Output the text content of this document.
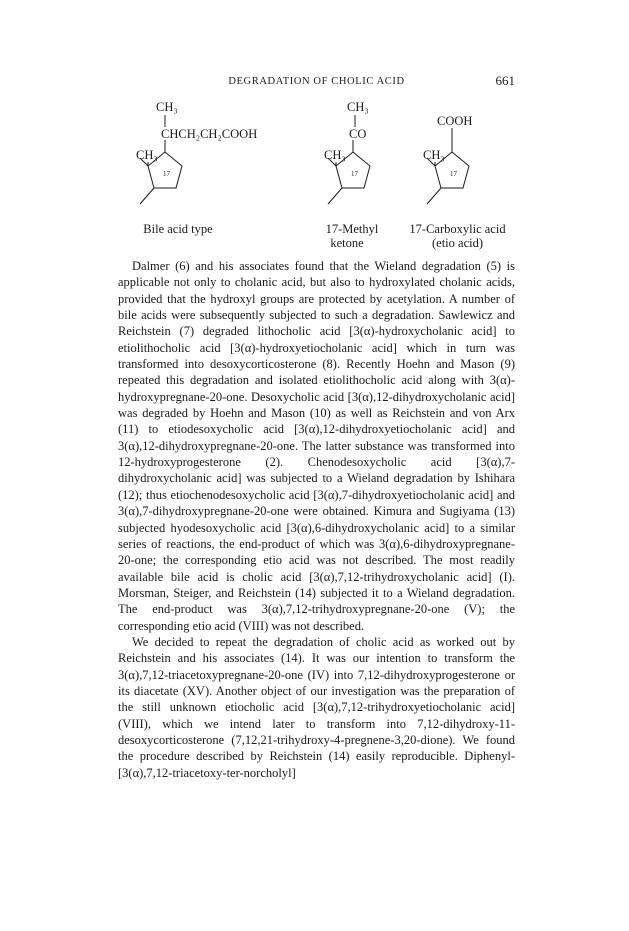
DEGRADATION OF CHOLIC ACID	661
CH₃
CHCH₂CH₂COOH
CH₃
17
CH₃
CO
CH₃
17
COOH
CH₃
17
Bile acid type	17-Methyl
ketone
17-Carboxylic acid
(etio acid)

Dalmer (6) and his associates found that the Wieland degradation (5) is applicable not only to cholanic acid, but also to hydroxylated cholanic acids, provided that the hydroxyl groups are protected by acetylation. A number of bile acids were subsequently subjected to such a degradation. Sawlewicz and Reichstein (7) degraded lithocholic acid [3(α)-hydroxycholanic acid] to etiolithocholic acid [3(α)-hydroxyetiocholanic acid] which in turn was transformed into desoxycorticosterone (8). Recently Hoehn and Mason (9) repeated this degradation and isolated etiolithocholic acid along with 3(α)-hydroxypregnane-20-one. Desoxycholic acid [3(α),12-dihydroxycholanic acid] was degraded by Hoehn and Mason (10) as well as Reichstein and von Arx (11) to etiodesoxycholic acid [3(α),12-dihydroxyetiocholanic acid] and 3(α),12-dihydroxypregnane-20-one. The latter substance was transformed into 12-hydroxyprogesterone (2). Chenodesoxycholic acid [3(α),7-dihydroxycholanic acid] was subjected to a Wieland degradation by Ishihara (12); thus etiochenodesoxycholic acid [3(α),7-dihydroxyetiocholanic acid] and 3(α),7-dihydroxypregnane-20-one were obtained. Kimura and Sugiyama (13) subjected hyodesoxycholic acid [3(α),6-dihydroxycholanic acid] to a similar series of reactions, the end-product of which was 3(α),6-dihydroxypregnane-20-one; the corresponding etio acid was not described. The most readily available bile acid is cholic acid [3(α),7,12-trihydroxycholanic acid] (I). Morsman, Steiger, and Reichstein (14) subjected it to a Wieland degradation. The end-product was 3(α),7,12-trihydroxypregnane-20-one (V); the corresponding etio acid (VIII) was not described.

We decided to repeat the degradation of cholic acid as worked out by Reichstein and his associates (14). It was our intention to transform the 3(α),7,12-triacetoxypregnane-20-one (IV) into 7,12-dihydroxyprogesterone or its diacetate (XV). Another object of our investigation was the preparation of the still unknown etiocholic acid [3(α),7,12-trihydroxyetiocholanic acid] (VIII), which we intend later to transform into 7,12-dihydroxy-11-desoxycorticosterone (7,12,21-trihydroxy-4-pregnene-3,20-dione). We found the procedure described by Reichstein (14) easily reproducible. Diphenyl-[3(α),7,12-triacetoxy-ter-norcholyl]
